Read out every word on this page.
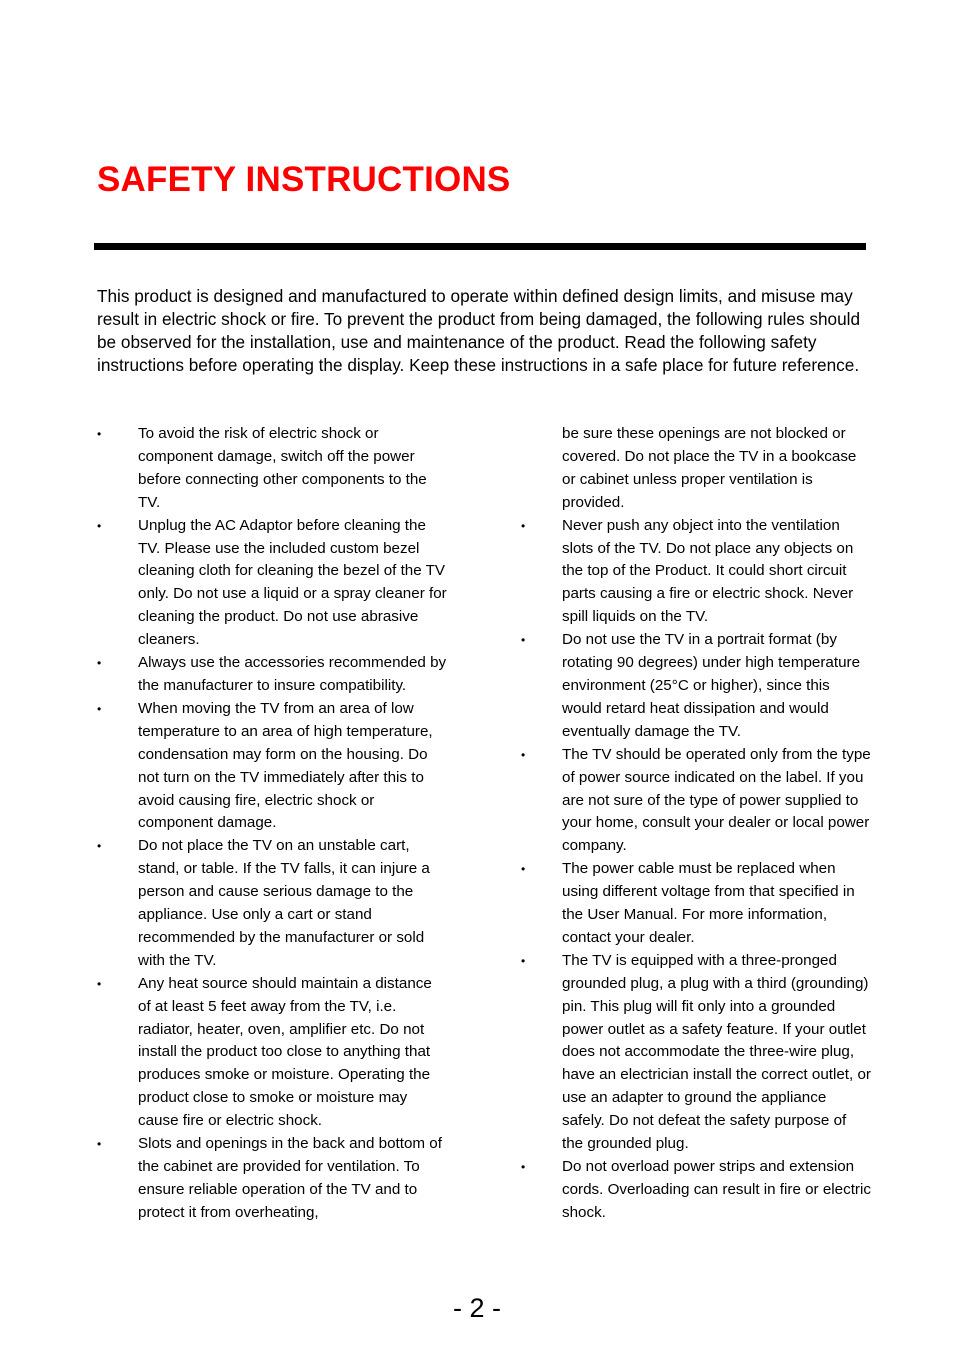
SAFETY INSTRUCTIONS

This product is designed and manufactured to operate within defined design limits, and misuse may result in electric shock or fire. To prevent the product from being damaged, the following rules should be observed for the installation, use and maintenance of the product. Read the following safety instructions before operating the display. Keep these instructions in a safe place for future reference.

•	To avoid the risk of electric shock or component damage, switch off the power before connecting other components to the TV.
•	Unplug the AC Adaptor before cleaning the TV. Please use the included custom bezel cleaning cloth for cleaning the bezel of the TV only. Do not use a liquid or a spray cleaner for cleaning the product. Do not use abrasive cleaners.
•	Always use the accessories recommended by the manufacturer to insure compatibility.
•	When moving the TV from an area of low temperature to an area of high temperature, condensation may form on the housing. Do not turn on the TV immediately after this to avoid causing fire, electric shock or component damage.
•	Do not place the TV on an unstable cart, stand, or table. If the TV falls, it can injure a person and cause serious damage to the appliance. Use only a cart or stand recommended by the manufacturer or sold with the TV.
•	Any heat source should maintain a distance of at least 5 feet away from the TV, i.e. radiator, heater, oven, amplifier etc. Do not install the product too close to anything that produces smoke or moisture. Operating the product close to smoke or moisture may cause fire or electric shock.
•	Slots and openings in the back and bottom of the cabinet are provided for ventilation. To ensure reliable operation of the TV and to protect it from overheating,
be sure these openings are not blocked or covered. Do not place the TV in a bookcase or cabinet unless proper ventilation is provided.
•	Never push any object into the ventilation slots of the TV. Do not place any objects on the top of the Product. It could short circuit parts causing a fire or electric shock. Never spill liquids on the TV.
•	Do not use the TV in a portrait format (by rotating 90 degrees) under high temperature environment (25°C or higher), since this would retard heat dissipation and would eventually damage the TV.
•	The TV should be operated only from the type of power source indicated on the label. If you are not sure of the type of power supplied to your home, consult your dealer or local power company.
•	The power cable must be replaced when using different voltage from that specified in the User Manual. For more information, contact your dealer.
•	The TV is equipped with a three-pronged grounded plug, a plug with a third (grounding) pin. This plug will fit only into a grounded power outlet as a safety feature. If your outlet does not accommodate the three-wire plug, have an electrician install the correct outlet, or use an adapter to ground the appliance safely. Do not defeat the safety purpose of the grounded plug.
•	Do not overload power strips and extension cords. Overloading can result in fire or electric shock.
- 2 -
